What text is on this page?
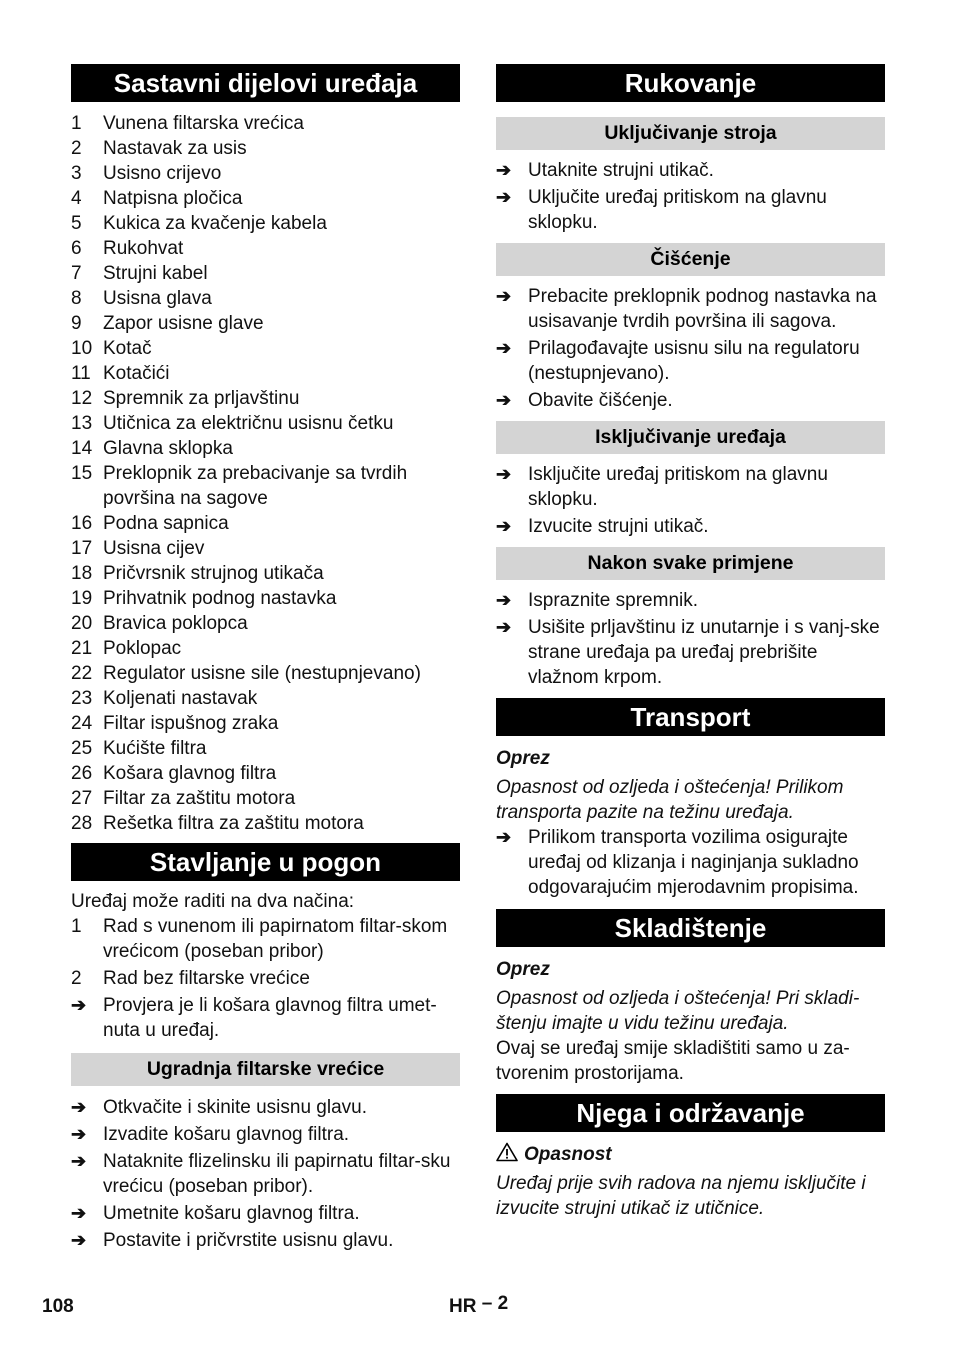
Sastavni dijelovi uređaja
1	Vunena filtarska vrećica
2	Nastavak za usis
3	Usisno crijevo
4	Natpisna pločica
5	Kukica za kvačenje kabela
6	Rukohvat
7	Strujni kabel
8	Usisna glava
9	Zapor usisne glave
10 Kotač
11 Kotačići
12 Spremnik za prljavštinu
13 Utičnica za električnu usisnu četku
14 Glavna sklopka
15 Preklopnik za prebacivanje sa tvrdih površina na sagove
16 Podna sapnica
17 Usisna cijev
18 Pričvrsnik strujnog utikača
19 Prihvatnik podnog nastavka
20 Bravica poklopca
21 Poklopac
22 Regulator usisne sile (nestupnjevano)
23 Koljenati nastavak
24 Filtar ispušnog zraka
25 Kućište filtra
26 Košara glavnog filtra
27 Filtar za zaštitu motora
28 Rešetka filtra za zaštitu motora
Stavljanje u pogon
Uređaj može raditi na dva načina:
1	Rad s vunenom ili papirnatom filtar-skom vrećicom (poseban pribor)
2	Rad bez filtarske vrećice
➔ Provjera je li košara glavnog filtra umet-nuta u uređaj.
Ugradnja filtarske vrećice
➔ Otkvačite i skinite usisnu glavu.
➔ Izvadite košaru glavnog filtra.
➔ Nataknite flizelinsku ili papirnatu filtar-sku vrećicu (poseban pribor).
➔ Umetnite košaru glavnog filtra.
➔ Postavite i pričvrstite usisnu glavu.
Rukovanje
Uključivanje stroja
➔ Utaknite strujni utikač.
➔ Uključite uređaj pritiskom na glavnu sklopku.
Čišćenje
➔ Prebacite preklopnik podnog nastavka na usisavanje tvrdih površina ili sagova.
➔ Prilagođavajte usisnu silu na regulatoru (nestupnjevano).
➔ Obavite čišćenje.
Isključivanje uređaja
➔ Isključite uređaj pritiskom na glavnu sklopku.
➔ Izvucite strujni utikač.
Nakon svake primjene
➔ Ispraznite spremnik.
➔ Usišite prljavštinu iz unutarnje i s vanj-ske strane uređaja pa uređaj prebrišite vlažnom krpom.
Transport
Oprez
Opasnost od ozljeda i oštećenja! Prilikom transporta pazite na težinu uređaja.
➔ Prilikom transporta vozilima osigurajte uređaj od klizanja i naginjanja sukladno odgovarajućim mjerodavnim propisima.
Skladištenje
Oprez
Opasnost od ozljeda i oštećenja! Pri skladi-štenju imajte u vidu težinu uređaja.
Ovaj se uređaj smije skladištiti samo u za-tvorenim prostorijama.
Njega i održavanje
Opasnost
Uređaj prije svih radova na njemu isključite i izvucite strujni utikač iz utičnice.
108	HR – 2
